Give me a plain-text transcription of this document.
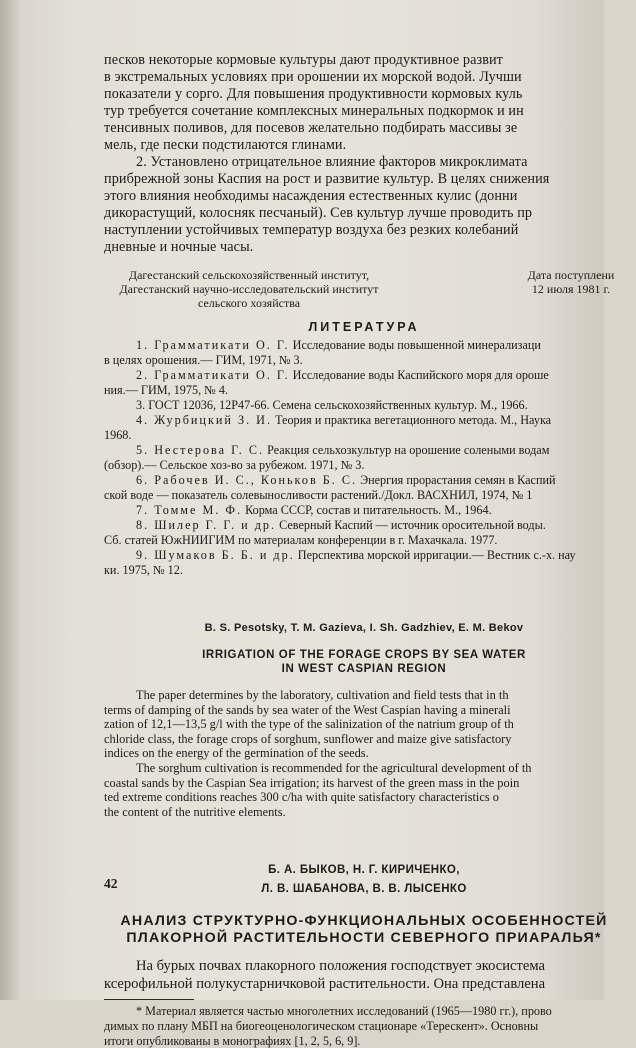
песков некоторые кормовые культуры дают продуктивное развит
в экстремальных условиях при орошении их морской водой. Лучши
показатели у сорго. Для повышения продуктивности кормовых куль
тур требуется сочетание комплексных минеральных подкормок и ин
тенсивных поливов, для посевов желательно подбирать массивы зе
мель, где пески подстилаются глинами.

2. Установлено отрицательное влияние факторов микроклимата
прибрежной зоны Каспия на рост и развитие культур. В целях снижения
этого влияния необходимы насаждения естественных кулис (донни
дикорастущий, колосняк песчаный). Сев культур лучше проводить пр
наступлении устойчивых температур воздуха без резких колебаний
дневные и ночные часы.

Дагестанский сельскохозяйственный институт,
Дагестанский научно-исследовательский институт
сельского хозяйства
Дата поступлени
12 июля 1981 г.
ЛИТЕРАТУРА

1. Грамматикати О. Г. Исследование воды повышенной минерализаци
в целях орошения.— ГИМ, 1971, № 3.

2. Грамматикати О. Г. Исследование воды Каспийского моря для ороше
ния.— ГИМ, 1975, № 4.

3. ГОСТ 12036, 12Р47-66. Семена сельскохозяйственных культур. М., 1966.

4. Журбицкий З. И. Теория и практика вегетационного метода. М., Наука
1968.

5. Нестерова Г. С. Реакция сельхозкультур на орошение солеными водам
(обзор).— Сельское хоз-во за рубежом. 1971, № 3.

6. Рабочев И. С., Коньков Б. С. Энергия прорастания семян в Каспий
ской воде — показатель солевыносливости растений./Докл. ВАСХНИЛ, 1974, № 1

7. Томме М. Ф. Корма СССР, состав и питательность. М., 1964.

8. Шилер Г. Г. и др. Северный Каспий — источник оросительной воды.
Сб. статей ЮжНИИГИМ по материалам конференции в г. Махачкала. 1977.

9. Шумаков Б. Б. и др. Перспектива морской ирригации.— Вестник с.-х. нау
ки. 1975, № 12.

B. S. Pesotsky, T. M. Gazieva, I. Sh. Gadzhiev, E. M. Bekov
IRRIGATION OF THE FORAGE CROPS BY SEA WATER
IN WEST CASPIAN REGION

The paper determines by the laboratory, cultivation and field tests that in th
terms of damping of the sands by sea water of the West Caspian having a minerali
zation of 12,1—13,5 g/l with the type of the salinization of the natrium group of th
chloride class, the forage crops of sorghum, sunflower and maize give satisfactory
indices on the energy of the germination of the seeds.

The sorghum cultivation is recommended for the agricultural development of th
coastal sands by the Caspian Sea irrigation; its harvest of the green mass in the poin
ted extreme conditions reaches 300 c/ha with quite satisfactory characteristics o
the content of the nutritive elements.

Б. А. БЫКОВ, Н. Г. КИРИЧЕНКО,
Л. В. ШАБАНОВА, В. В. ЛЫСЕНКО
АНАЛИЗ СТРУКТУРНО-ФУНКЦИОНАЛЬНЫХ ОСОБЕННОСТЕЙ
ПЛАКОРНОЙ РАСТИТЕЛЬНОСТИ СЕВЕРНОГО ПРИАРАЛЬЯ*

На бурых почвах плакорного положения господствует экосистема
ксерофильной полукустарничковой растительности. Она представлена

* Материал является частью многолетних исследований (1965—1980 гг.), прово
димых по плану МБП на биогеоценологическом стационаре «Терескент». Основны
итоги опубликованы в монографиях [1, 2, 5, 6, 9].

42
